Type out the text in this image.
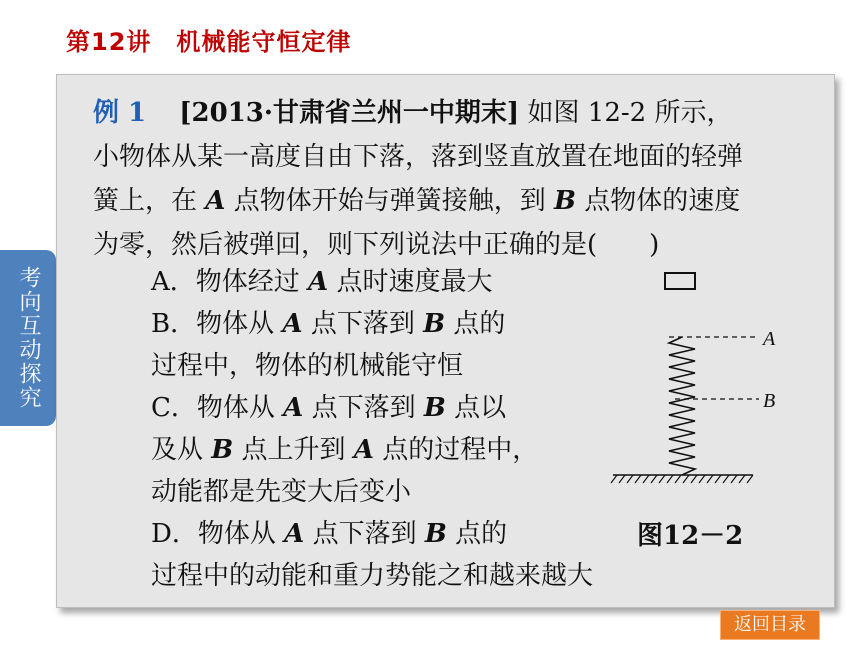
第12讲　机械能守恒定律
考向互动探究
例 1 [2013·甘肃省兰州一中期末] 如图 12-2 所示，
小物体从某一高度自由下落，落到竖直放置在地面的轻弹
簧上，在 A 点物体开始与弹簧接触，到 B 点物体的速度
为零，然后被弹回，则下列说法中正确的是(　　)
A．物体经过 A 点时速度最大
B．物体从 A 点下落到 B 点的
过程中，物体的机械能守恒
C．物体从 A 点下落到 B 点以
及从 B 点上升到 A 点的过程中，
动能都是先变大后变小
D．物体从 A 点下落到 B 点的
过程中的动能和重力势能之和越来越大
A
B
图12－2
返回目录
